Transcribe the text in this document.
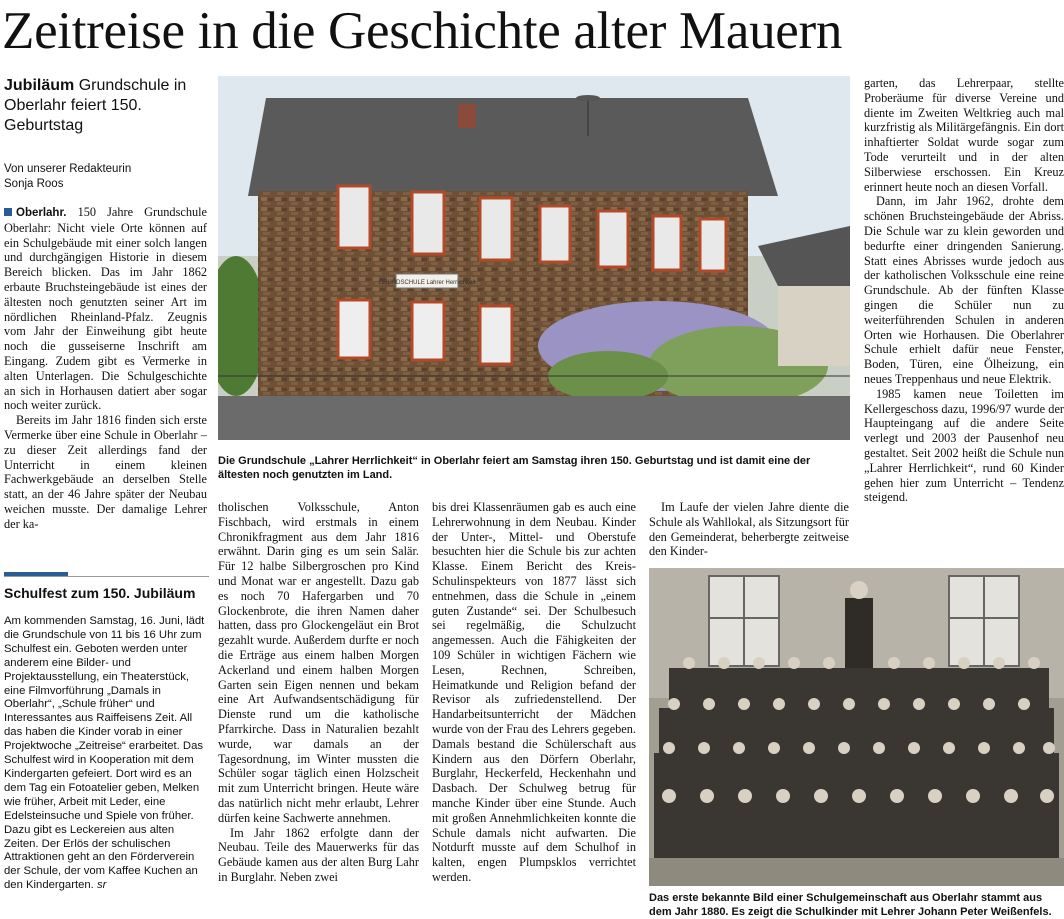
Zeitreise in die Geschichte alter Mauern
Jubiläum Grundschule in Oberlahr feiert 150. Geburtstag
Von unserer Redakteurin
Sonja Roos

Oberlahr. 150 Jahre Grundschule Oberlahr: Nicht viele Orte können auf ein Schulgebäude mit einer solch langen und durchgängigen Historie in diesem Bereich blicken. Das im Jahr 1862 erbaute Bruchsteingebäude ist eines der ältesten noch genutzten seiner Art im nördlichen Rheinland-Pfalz. Zeugnis vom Jahr der Einweihung gibt heute noch die gusseiserne Inschrift am Eingang. Zudem gibt es Vermerke in alten Unterlagen. Die Schulgeschichte an sich in Horhausen datiert aber sogar noch weiter zurück.

Bereits im Jahr 1816 finden sich erste Vermerke über eine Schule in Oberlahr – zu dieser Zeit allerdings fand der Unterricht in einem kleinen Fachwerkgebäude an derselben Stelle statt, an der 46 Jahre später der Neubau weichen musste. Der damalige Lehrer der ka-

Schulfest zum 150. Jubiläum
Am kommenden Samstag, 16. Juni, lädt die Grundschule von 11 bis 16 Uhr zum Schulfest ein. Geboten werden unter anderem eine Bilder- und Projektausstellung, ein Theaterstück, eine Filmvorführung „Damals in Oberlahr“, „Schule früher“ und Interessantes aus Raiffeisens Zeit. All das haben die Kinder vorab in einer Projektwoche „Zeitreise“ erarbeitet. Das Schulfest wird in Kooperation mit dem Kindergarten gefeiert. Dort wird es an dem Tag ein Fotoatelier geben, Melken wie früher, Arbeit mit Leder, eine Edelsteinsuche und Spiele von früher. Dazu gibt es Leckereien aus alten Zeiten. Der Erlös der schulischen Attraktionen geht an den Förderverein der Schule, der vom Kaffee Kuchen an den Kindergarten. sr
GRUNDSCHULE Lahrer Herrlichkeit
Die Grundschule „Lahrer Herrlichkeit“ in Oberlahr feiert am Samstag ihren 150. Geburtstag und ist damit eine der ältesten noch genutzten im Land.

tholischen Volksschule, Anton Fischbach, wird erstmals in einem Chronikfragment aus dem Jahr 1816 erwähnt. Darin ging es um sein Salär. Für 12 halbe Silbergroschen pro Kind und Monat war er angestellt. Dazu gab es noch 70 Hafergarben und 70 Glockenbrote, die ihren Namen daher hatten, dass pro Glockengeläut ein Brot gezahlt wurde. Außerdem durfte er noch die Erträge aus einem halben Morgen Ackerland und einem halben Morgen Garten sein Eigen nennen und bekam eine Art Aufwandsentschädigung für Dienste rund um die katholische Pfarrkirche. Dass in Naturalien bezahlt wurde, war damals an der Tagesordnung, im Winter mussten die Schüler sogar täglich einen Holzscheit mit zum Unterricht bringen. Heute wäre das natürlich nicht mehr erlaubt, Lehrer dürfen keine Sachwerte annehmen.

Im Jahr 1862 erfolgte dann der Neubau. Teile des Mauerwerks für das Gebäude kamen aus der alten Burg Lahr in Burglahr. Neben zwei

bis drei Klassenräumen gab es auch eine Lehrerwohnung in dem Neubau. Kinder der Unter-, Mittel- und Oberstufe besuchten hier die Schule bis zur achten Klasse. Einem Bericht des Kreis-Schulinspekteurs von 1877 lässt sich entnehmen, dass die Schule in „einem guten Zustande“ sei. Der Schulbesuch sei regelmäßig, die Schulzucht angemessen. Auch die Fähigkeiten der 109 Schüler in wichtigen Fächern wie Lesen, Rechnen, Schreiben, Heimatkunde und Religion befand der Revisor als zufriedenstellend. Der Handarbeitsunterricht der Mädchen wurde von der Frau des Lehrers gegeben. Damals bestand die Schülerschaft aus Kindern aus den Dörfern Oberlahr, Burglahr, Heckerfeld, Heckenhahn und Dasbach. Der Schulweg betrug für manche Kinder über eine Stunde. Auch mit großen Annehmlichkeiten konnte die Schule damals nicht aufwarten. Die Notdurft musste auf dem Schulhof in kalten, engen Plumpsklos verrichtet werden.

Im Laufe der vielen Jahre diente die Schule als Wahllokal, als Sitzungsort für den Gemeinderat, beherbergte zeitweise den Kinder-

Das erste bekannte Bild einer Schulgemeinschaft aus Oberlahr stammt aus dem Jahr 1880. Es zeigt die Schulkinder mit Lehrer Johann Peter Weißenfels.

garten, das Lehrerpaar, stellte Proberäume für diverse Vereine und diente im Zweiten Weltkrieg auch mal kurzfristig als Militärgefängnis. Ein dort inhaftierter Soldat wurde sogar zum Tode verurteilt und in der alten Silberwiese erschossen. Ein Kreuz erinnert heute noch an diesen Vorfall.

Dann, im Jahr 1962, drohte dem schönen Bruchsteingebäude der Abriss. Die Schule war zu klein geworden und bedurfte einer dringenden Sanierung. Statt eines Abrisses wurde jedoch aus der katholischen Volksschule eine reine Grundschule. Ab der fünften Klasse gingen die Schüler nun zu weiterführenden Schulen in anderen Orten wie Horhausen. Die Oberlahrer Schule erhielt dafür neue Fenster, Boden, Türen, eine Ölheizung, ein neues Treppenhaus und neue Elektrik.

1985 kamen neue Toiletten im Kellergeschoss dazu, 1996/97 wurde der Haupteingang auf die andere Seite verlegt und 2003 der Pausenhof neu gestaltet. Seit 2002 heißt die Schule nun „Lahrer Herrlichkeit“, rund 60 Kinder gehen hier zum Unterricht – Tendenz steigend.
